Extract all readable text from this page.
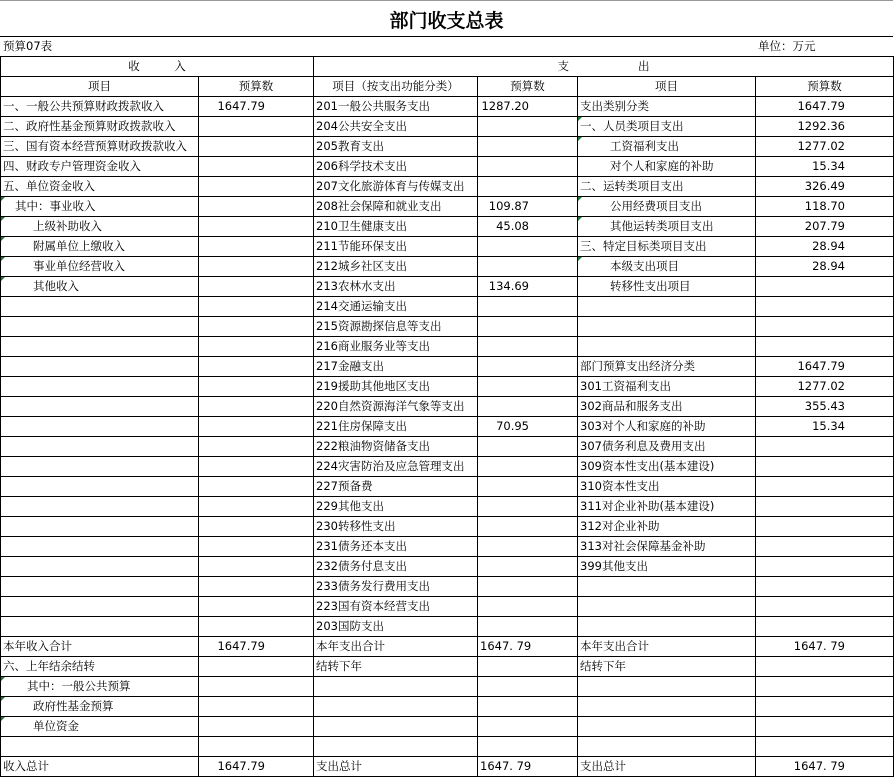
部门收支总表
预算07表	单位：万元
收　　　入		支　　　　　　出			
项目	预算数	项目（按支出功能分类）	预算数	项目	预算数
一、一般公共预算财政拨款收入	1647.79	201一般公共服务支出	1287.20	支出类别分类	1647.79
二、政府性基金预算财政拨款收入		204公共安全支出		一、人员类项目支出	1292.36
三、国有资本经营预算财政拨款收入		205教育支出		工资福利支出	1277.02
四、财政专户管理资金收入		206科学技术支出		对个人和家庭的补助	15.34
五、单位资金收入		207文化旅游体育与传媒支出		二、运转类项目支出	326.49
其中：事业收入		208社会保障和就业支出	109.87	公用经费项目支出	118.70
上级补助收入		210卫生健康支出	45.08	其他运转类项目支出	207.79
附属单位上缴收入		211节能环保支出		三、特定目标类项目支出	28.94
事业单位经营收入		212城乡社区支出		本级支出项目	28.94
其他收入		213农林水支出	134.69	转移性支出项目	
		214交通运输支出			
		215资源勘探信息等支出			
		216商业服务业等支出			
		217金融支出		部门预算支出经济分类	1647.79
		219援助其他地区支出		301工资福利支出	1277.02
		220自然资源海洋气象等支出		302商品和服务支出	355.43
		221住房保障支出	70.95	303对个人和家庭的补助	15.34
		222粮油物资储备支出		307债务利息及费用支出	
		224灾害防治及应急管理支出		309资本性支出(基本建设)	
		227预备费		310资本性支出	
		229其他支出		311对企业补助(基本建设)	
		230转移性支出		312对企业补助	
		231债务还本支出		313对社会保障基金补助	
		232债务付息支出		399其他支出	
		233债务发行费用支出			
		223国有资本经营支出			
		203国防支出			
本年收入合计	1647.79	本年支出合计	1647. 79	本年支出合计	1647. 79
六、上年结余结转		结转下年		结转下年	
其中：一般公共预算					
政府性基金预算					
单位资金					

收入总计	1647.79	支出总计	1647. 79	支出总计	1647. 79
